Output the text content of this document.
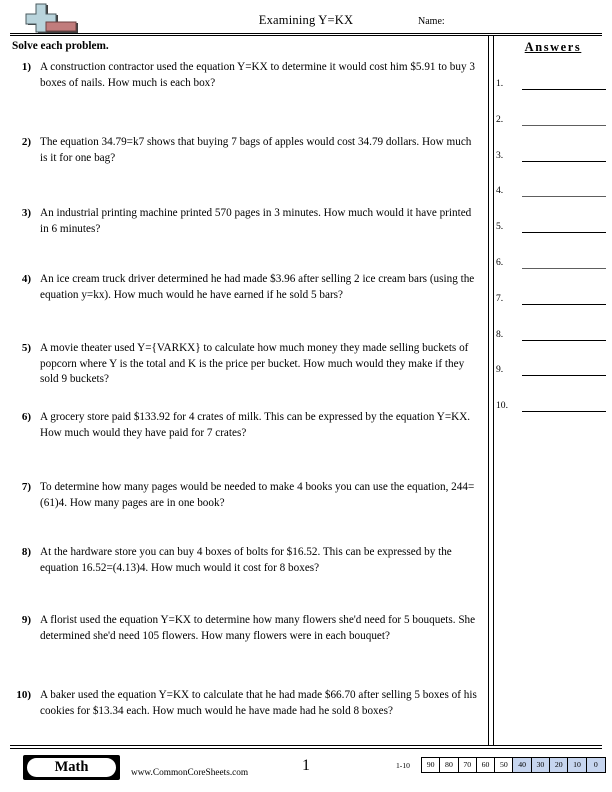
Examining Y=KX	Name:
Solve each problem.
1) A construction contractor used the equation Y=KX to determine it would cost him $5.91 to buy 3 boxes of nails. How much is each box?
2) The equation 34.79=k7 shows that buying 7 bags of apples would cost 34.79 dollars. How much is it for one bag?
3) An industrial printing machine printed 570 pages in 3 minutes. How much would it have printed in 6 minutes?
4) An ice cream truck driver determined he had made $3.96 after selling 2 ice cream bars (using the equation y=kx). How much would he have earned if he sold 5 bars?
5) A movie theater used Y={VARKX} to calculate how much money they made selling buckets of popcorn where Y is the total and K is the price per bucket. How much would they make if they sold 9 buckets?
6) A grocery store paid $133.92 for 4 crates of milk. This can be expressed by the equation Y=KX. How much would they have paid for 7 crates?
7) To determine how many pages would be needed to make 4 books you can use the equation, 244=(61)4. How many pages are in one book?
8) At the hardware store you can buy 4 boxes of bolts for $16.52. This can be expressed by the equation 16.52=(4.13)4. How much would it cost for 8 boxes?
9) A florist used the equation Y=KX to determine how many flowers she'd need for 5 bouquets. She determined she'd need 105 flowers. How many flowers were in each bouquet?
10) A baker used the equation Y=KX to calculate that he had made $66.70 after selling 5 boxes of his cookies for $13.34 each. How much would he have made had he sold 8 boxes?
Answers
1.
2.
3.
4.
5.
6.
7.
8.
9.
10.
Math	www.CommonCoreSheets.com	1	1-10	90	80	70	60	50	40	30	20	10	0
